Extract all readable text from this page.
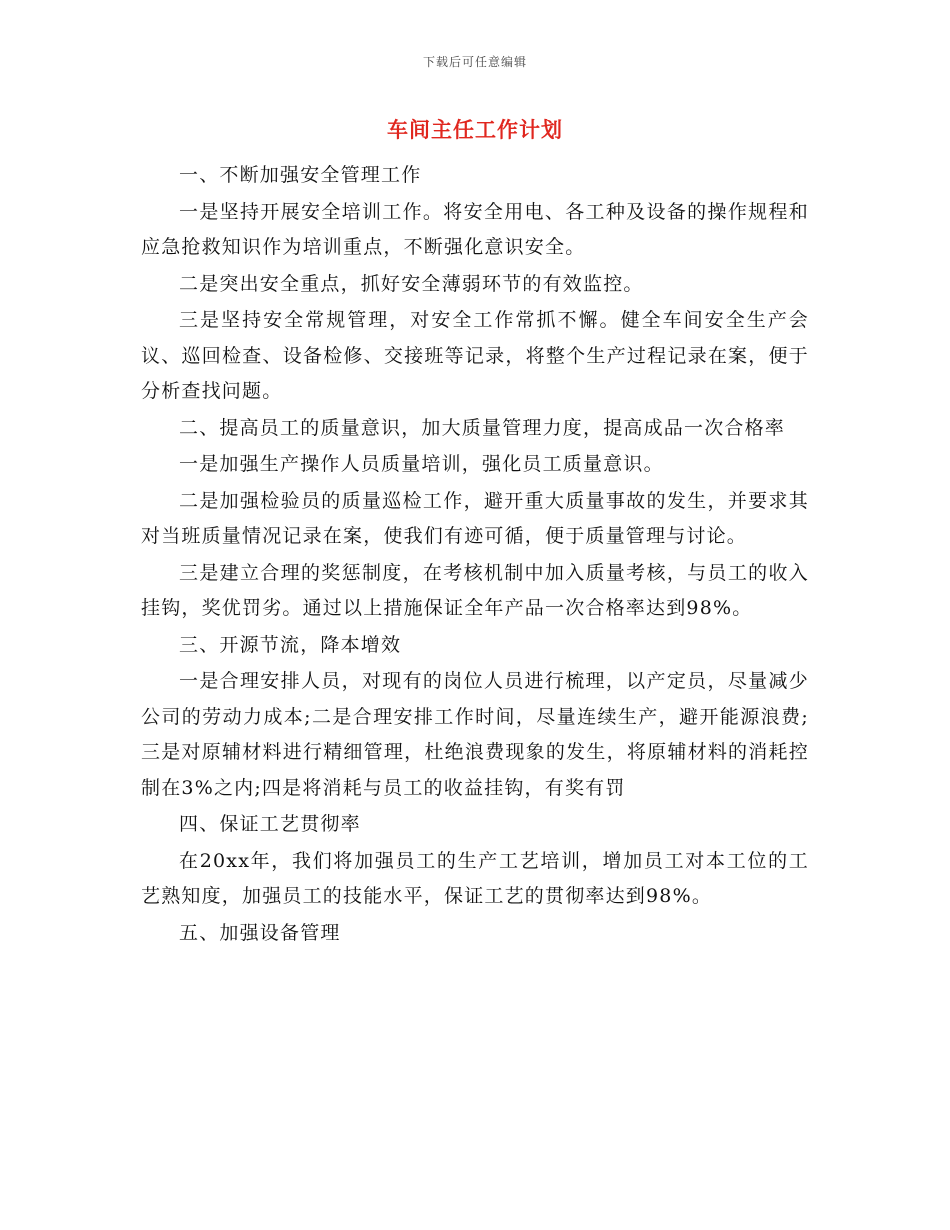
下载后可任意编辑
车间主任工作计划

一、不断加强安全管理工作

一是坚持开展安全培训工作。将安全用电、各工种及设备的操作规程和应急抢救知识作为培训重点，不断强化意识安全。

二是突出安全重点，抓好安全薄弱环节的有效监控。

三是坚持安全常规管理，对安全工作常抓不懈。健全车间安全生产会议、巡回检查、设备检修、交接班等记录，将整个生产过程记录在案，便于分析查找问题。

二、提高员工的质量意识，加大质量管理力度，提高成品一次合格率

一是加强生产操作人员质量培训，强化员工质量意识。

二是加强检验员的质量巡检工作，避开重大质量事故的发生，并要求其对当班质量情况记录在案，使我们有迹可循，便于质量管理与讨论。

三是建立合理的奖惩制度，在考核机制中加入质量考核，与员工的收入挂钩，奖优罚劣。通过以上措施保证全年产品一次合格率达到98%。

三、开源节流，降本增效

一是合理安排人员，对现有的岗位人员进行梳理，以产定员，尽量减少公司的劳动力成本;二是合理安排工作时间，尽量连续生产，避开能源浪费;三是对原辅材料进行精细管理，杜绝浪费现象的发生，将原辅材料的消耗控制在3%之内;四是将消耗与员工的收益挂钩，有奖有罚

四、保证工艺贯彻率

在20xx年，我们将加强员工的生产工艺培训，增加员工对本工位的工艺熟知度，加强员工的技能水平，保证工艺的贯彻率达到98%。

五、加强设备管理
